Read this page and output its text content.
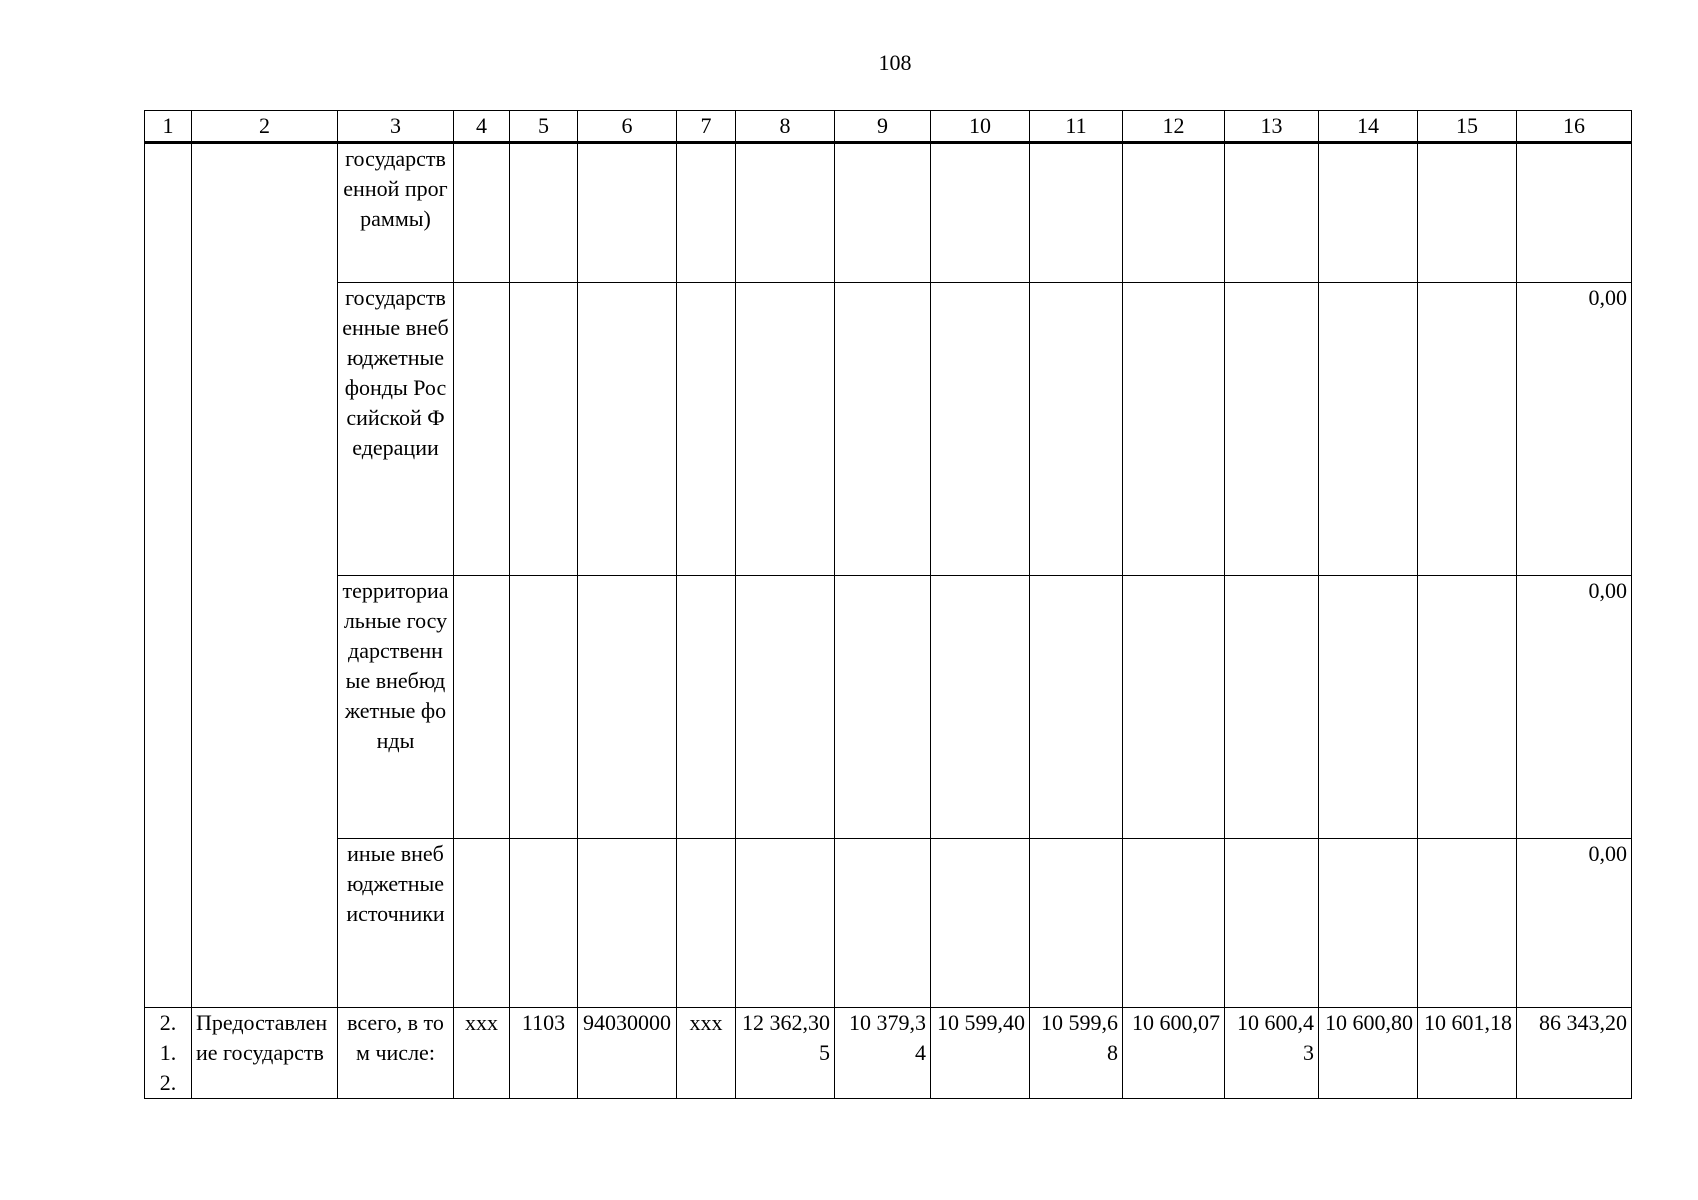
108
1	2	3	4	5	6	7	8	9	10	11	12	13	14	15	16
		государственной программы)													
		государственные внебюджетные фонды Российской Федерации													0,00
		территориальные государственные внебюджетные фонды													0,00
		иные внебюджетные источники													0,00
2. 1. 2.	Предоставление государств	всего, в том числе:	ххх	1103	94030000	ххх	12 362,305	10 379,34	10 599,40	10 599,68	10 600,07	10 600,43	10 600,80	10 601,18	86 343,20
